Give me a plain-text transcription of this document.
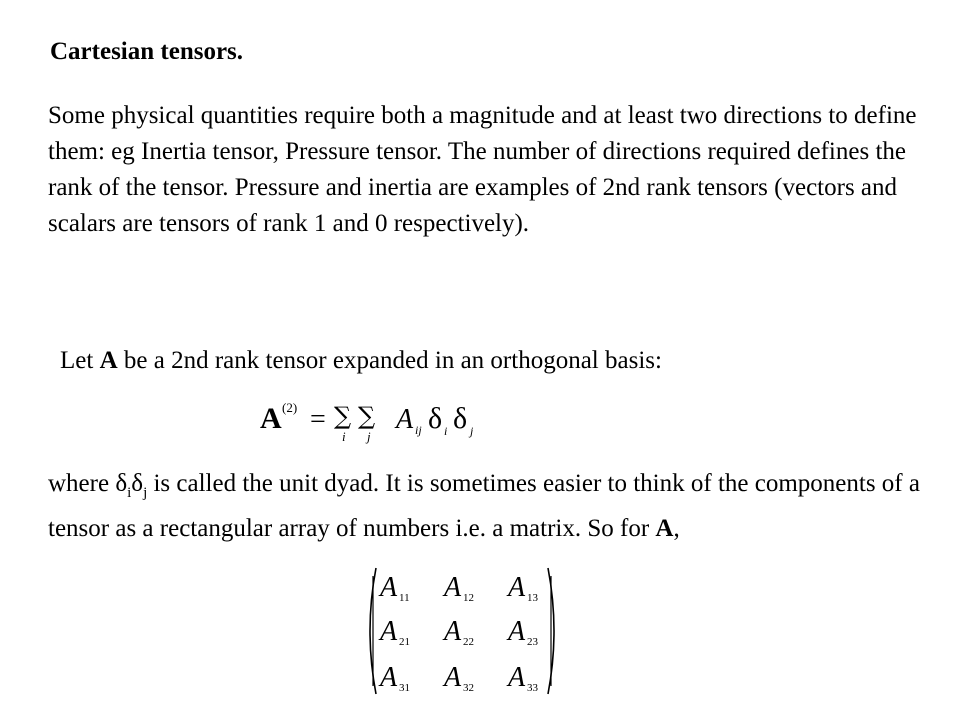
Cartesian tensors.

Some physical quantities require both a magnitude and at least two directions to define them: eg Inertia tensor, Pressure tensor. The number of directions required defines the rank of the tensor. Pressure and inertia are examples of 2nd rank tensors (vectors and scalars are tensors of rank 1 and 0 respectively).

Let A be a 2nd rank tensor expanded in an orthogonal basis:

A (2) = ∑
i
∑
j
A ij δ i δ j

where $\delta_i\delta_j$ is called the unit dyad. It is sometimes easier to think of the components of a tensor as a rectangular array of numbers i.e. a matrix. So for A,

A 11 A 12 A 13
A 21 A 22 A 23
A 31 A 32 A 33
